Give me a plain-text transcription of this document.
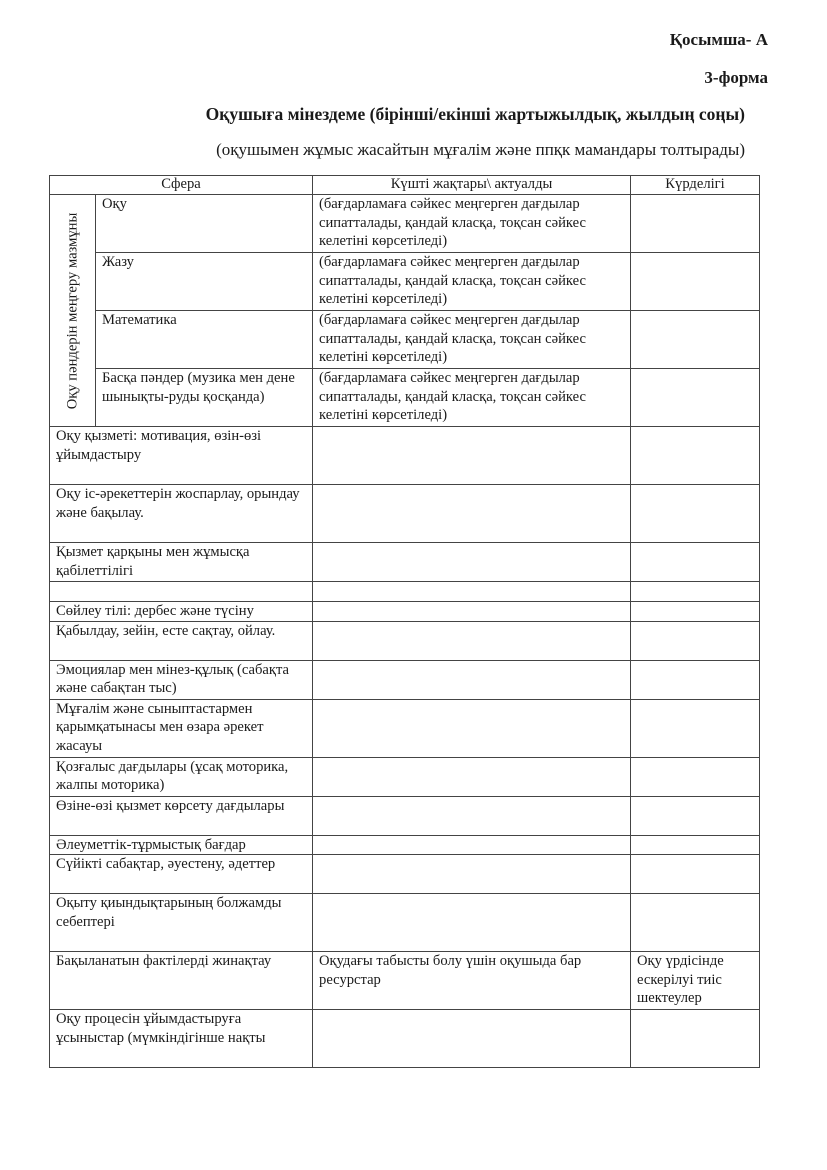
Қосымша- А
3-форма
Оқушыға мінездеме (бірінші/екінші жартыжылдық, жылдың соңы)
(оқушымен жұмыс жасайтын мұғалім және ппқк мамандары толтырады)
Сфера		Күшті жақтары\ актуалды	Күрделігі

Оқу пәндерін меңгеру мазмұны	Оқу	(бағдарламаға сәйкес меңгерген дағдылар сипатталады, қандай класқа, тоқсан сәйкес келетіні көрсетіледі)	
	Жазу	(бағдарламаға сәйкес меңгерген дағдылар сипатталады, қандай класқа, тоқсан сәйкес келетіні көрсетіледі)	
	Математика	(бағдарламаға сәйкес меңгерген дағдылар сипатталады, қандай класқа, тоқсан сәйкес келетіні көрсетіледі)	
	Басқа пәндер (музика мен дене шынықты-руды қосқанда)	(бағдарламаға сәйкес меңгерген дағдылар сипатталады, қандай класқа, тоқсан сәйкес келетіні көрсетіледі)	
Оқу қызметі: мотивация, өзін-өзі ұйымдастыру			
Оқу іс-әрекеттерін жоспарлау, орындау және бақылау.			
Қызмет қарқыны мен жұмысқа қабілеттілігі			

Сөйлеу тілі: дербес және түсіну			
Қабылдау, зейін, есте сақтау, ойлау.			
Эмоциялар мен мінез-құлық (сабақта және сабақтан тыс)			
Мұғалім және сыныптастармен қарымқатынасы мен өзара әрекет жасауы			
Қозғалыс дағдылары (ұсақ моторика, жалпы моторика)			
Өзіне-өзі қызмет көрсету дағдылары			
Әлеуметтік-тұрмыстық бағдар			
Сүйікті сабақтар, әуестену, әдеттер			
Оқыту қиындықтарының болжамды себептері			
Бақыланатын фактілерді жинақтау		Оқудағы табысты болу үшін оқушыда бар ресурстар	Оқу үрдісінде ескерілуі тиіс шектеулер
Оқу процесін ұйымдастыруға ұсыныстар (мүмкіндігінше нақты			
